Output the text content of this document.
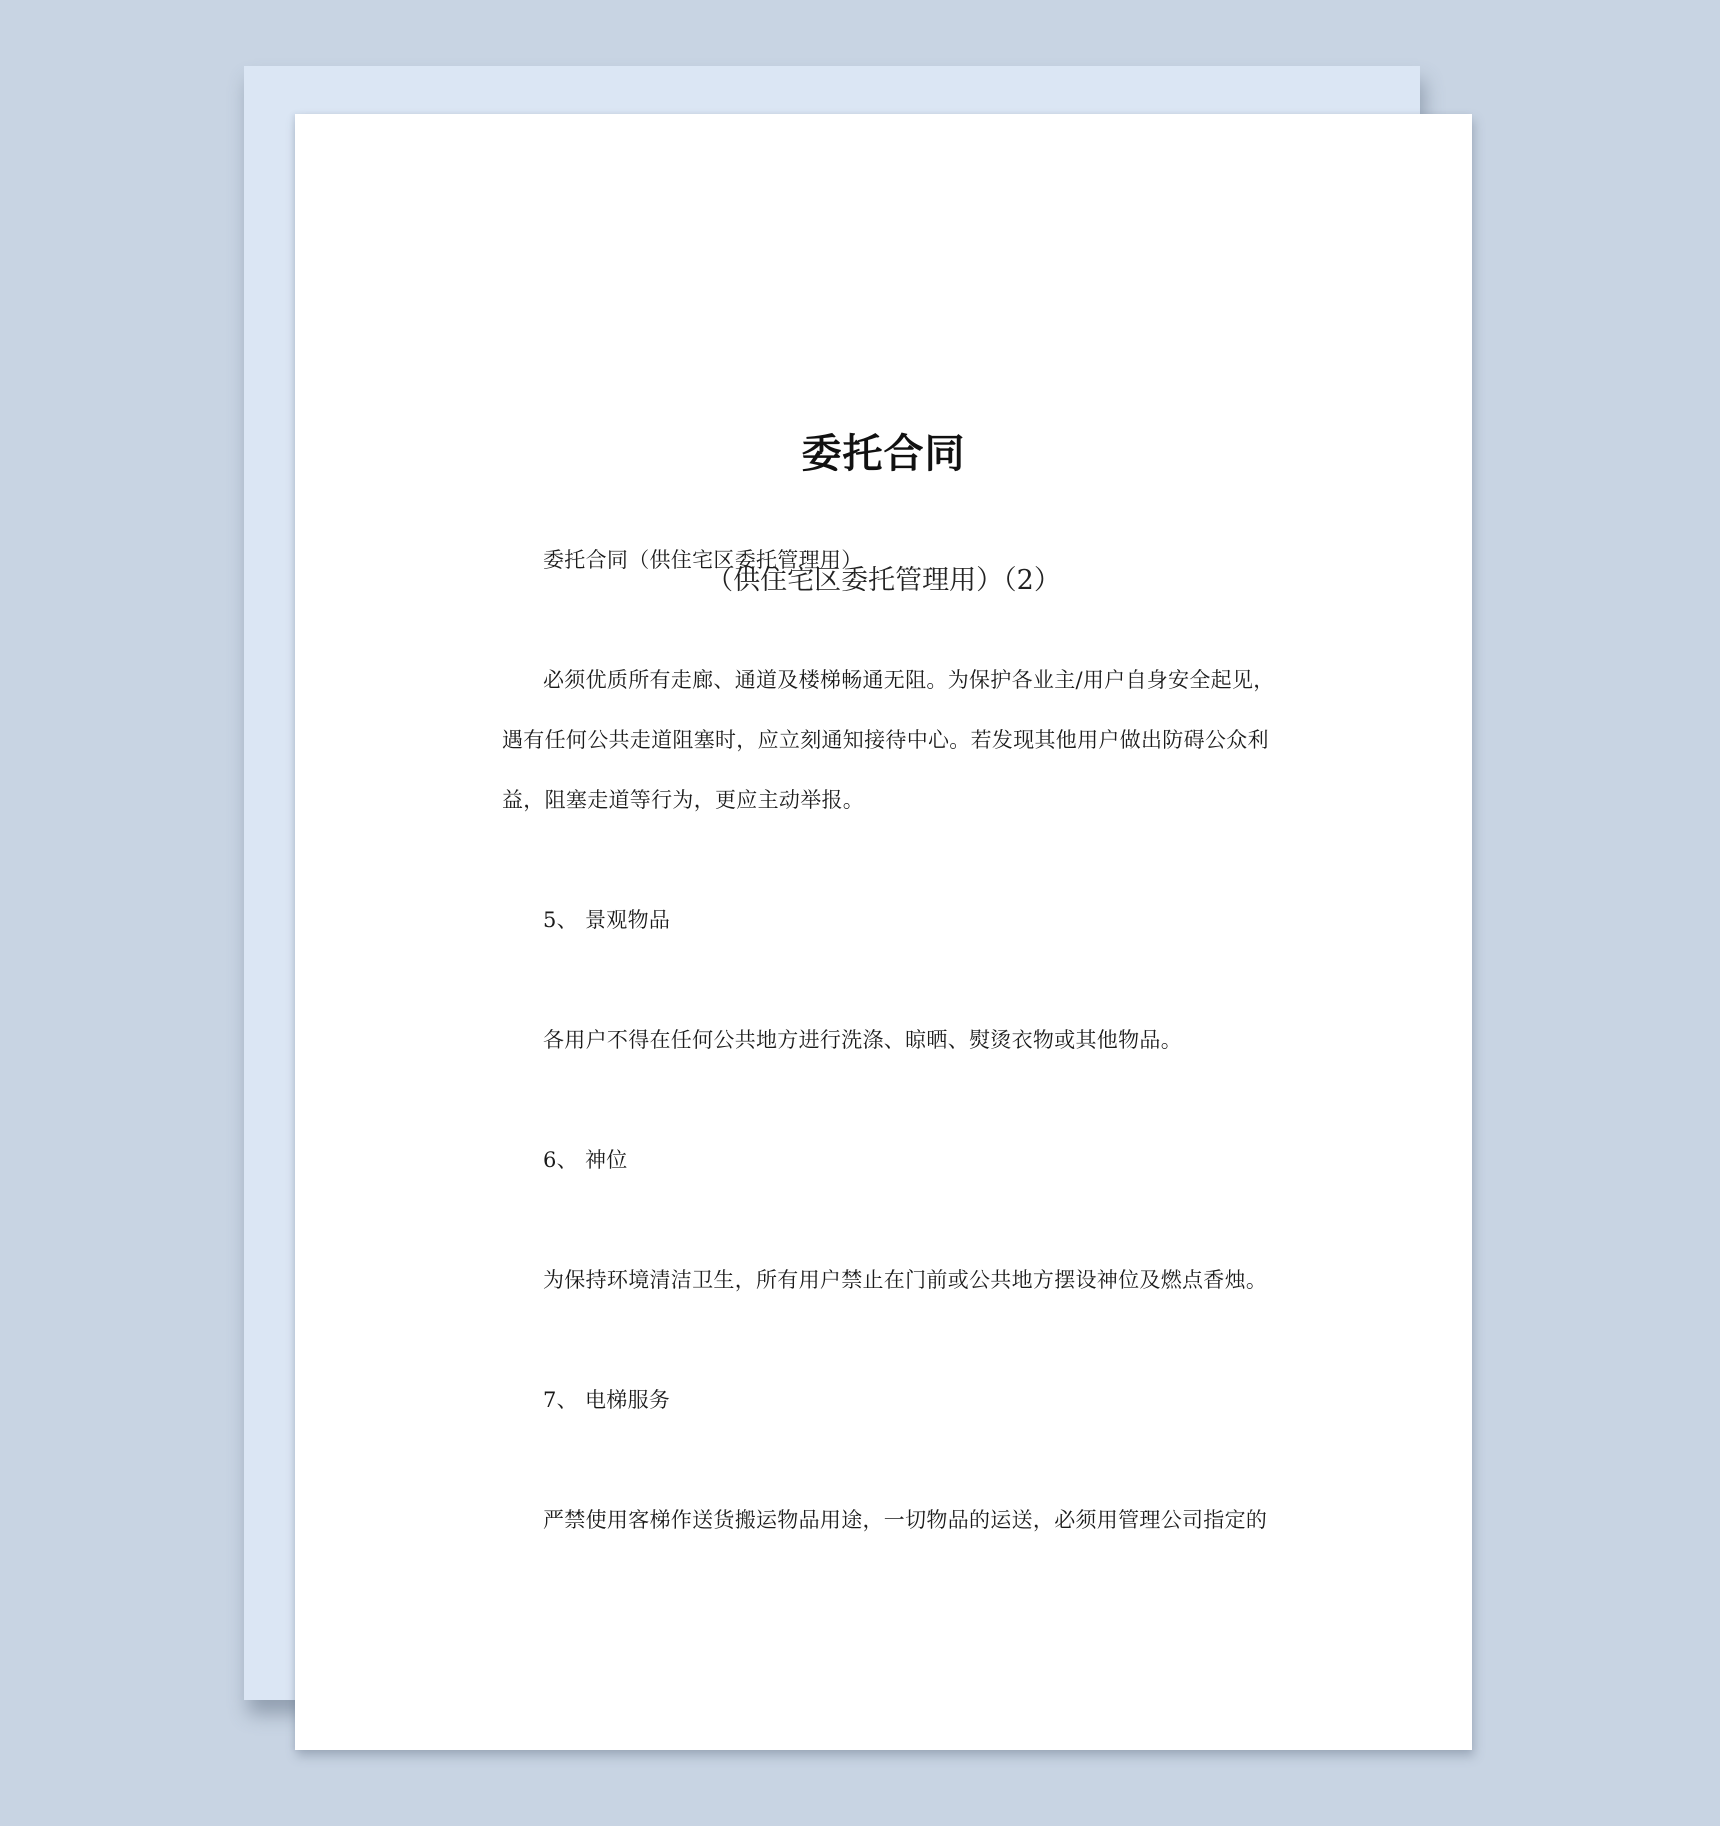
委托合同
（供住宅区委托管理用）（2）
委托合同（供住宅区委托管理用）
必须优质所有走廊、通道及楼梯畅通无阻。为保护各业主/用户自身安全起见，
遇有任何公共走道阻塞时，应立刻通知接待中心。若发现其他用户做出防碍公众利
益，阻塞走道等行为，更应主动举报。
5、 景观物品
各用户不得在任何公共地方进行洗涤、晾晒、熨烫衣物或其他物品。
6、 神位
为保持环境清洁卫生，所有用户禁止在门前或公共地方摆设神位及燃点香烛。
7、 电梯服务
严禁使用客梯作送货搬运物品用途，一切物品的运送，必须用管理公司指定的
